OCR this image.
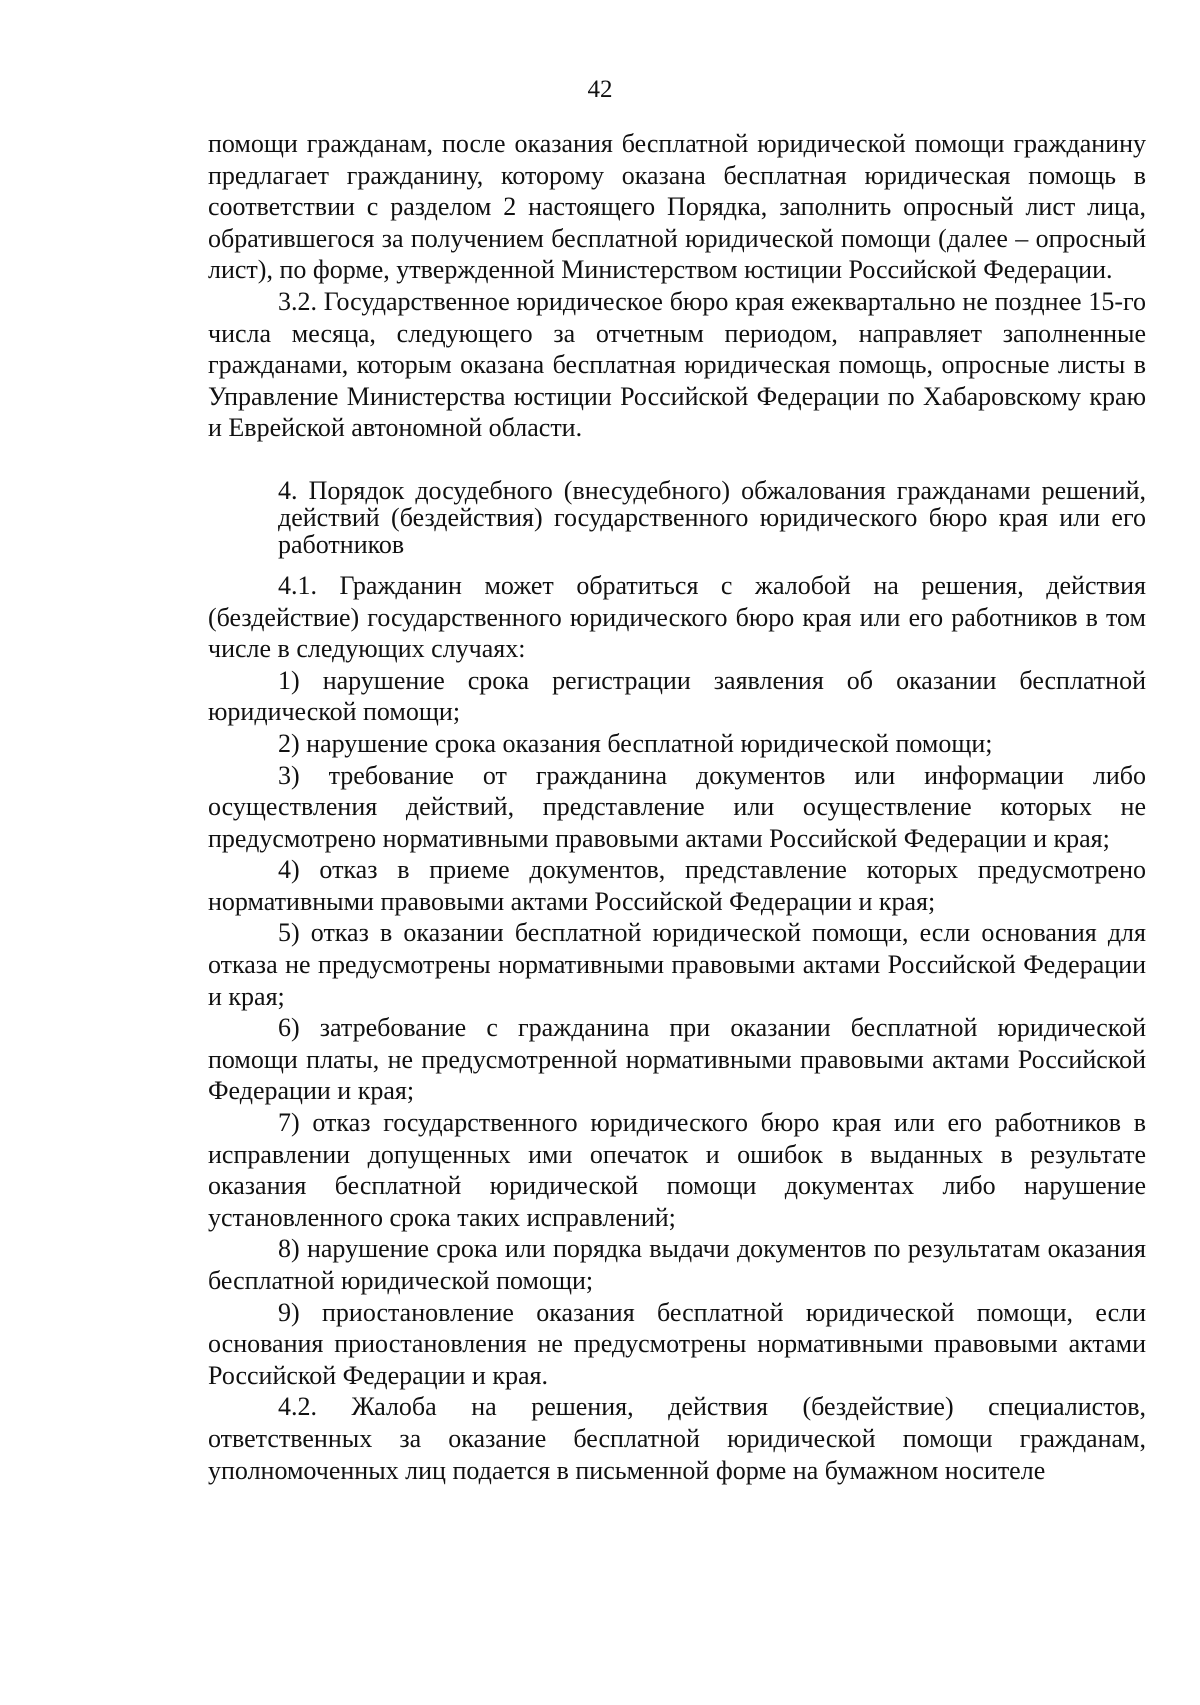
42

помощи гражданам, после оказания бесплатной юридической помощи гражданину предлагает гражданину, которому оказана бесплатная юридическая помощь в соответствии с разделом 2 настоящего Порядка, заполнить опросный лист лица, обратившегося за получением бесплатной юридической помощи (далее – опросный лист), по форме, утвержденной Министерством юстиции Российской Федерации.

3.2. Государственное юридическое бюро края ежеквартально не позднее 15-го числа месяца, следующего за отчетным периодом, направляет заполненные гражданами, которым оказана бесплатная юридическая помощь, опросные листы в Управление Министерства юстиции Российской Федерации по Хабаровскому краю и Еврейской автономной области.

4. Порядок досудебного (внесудебного) обжалования гражданами решений, действий (бездействия) государственного юридического бюро края или его работников

4.1. Гражданин может обратиться с жалобой на решения, действия (бездействие) государственного юридического бюро края или его работников в том числе в следующих случаях:

1) нарушение срока регистрации заявления об оказании бесплатной юридической помощи;

2) нарушение срока оказания бесплатной юридической помощи;

3) требование от гражданина документов или информации либо осуществления действий, представление или осуществление которых не предусмотрено нормативными правовыми актами Российской Федерации и края;

4) отказ в приеме документов, представление которых предусмотрено нормативными правовыми актами Российской Федерации и края;

5) отказ в оказании бесплатной юридической помощи, если основания для отказа не предусмотрены нормативными правовыми актами Российской Федерации и края;

6) затребование с гражданина при оказании бесплатной юридической помощи платы, не предусмотренной нормативными правовыми актами Российской Федерации и края;

7) отказ государственного юридического бюро края или его работников в исправлении допущенных ими опечаток и ошибок в выданных в результате оказания бесплатной юридической помощи документах либо нарушение установленного срока таких исправлений;

8) нарушение срока или порядка выдачи документов по результатам оказания бесплатной юридической помощи;

9) приостановление оказания бесплатной юридической помощи, если основания приостановления не предусмотрены нормативными правовыми актами Российской Федерации и края.

4.2. Жалоба на решения, действия (бездействие) специалистов, ответственных за оказание бесплатной юридической помощи гражданам, уполномоченных лиц подается в письменной форме на бумажном носителе
